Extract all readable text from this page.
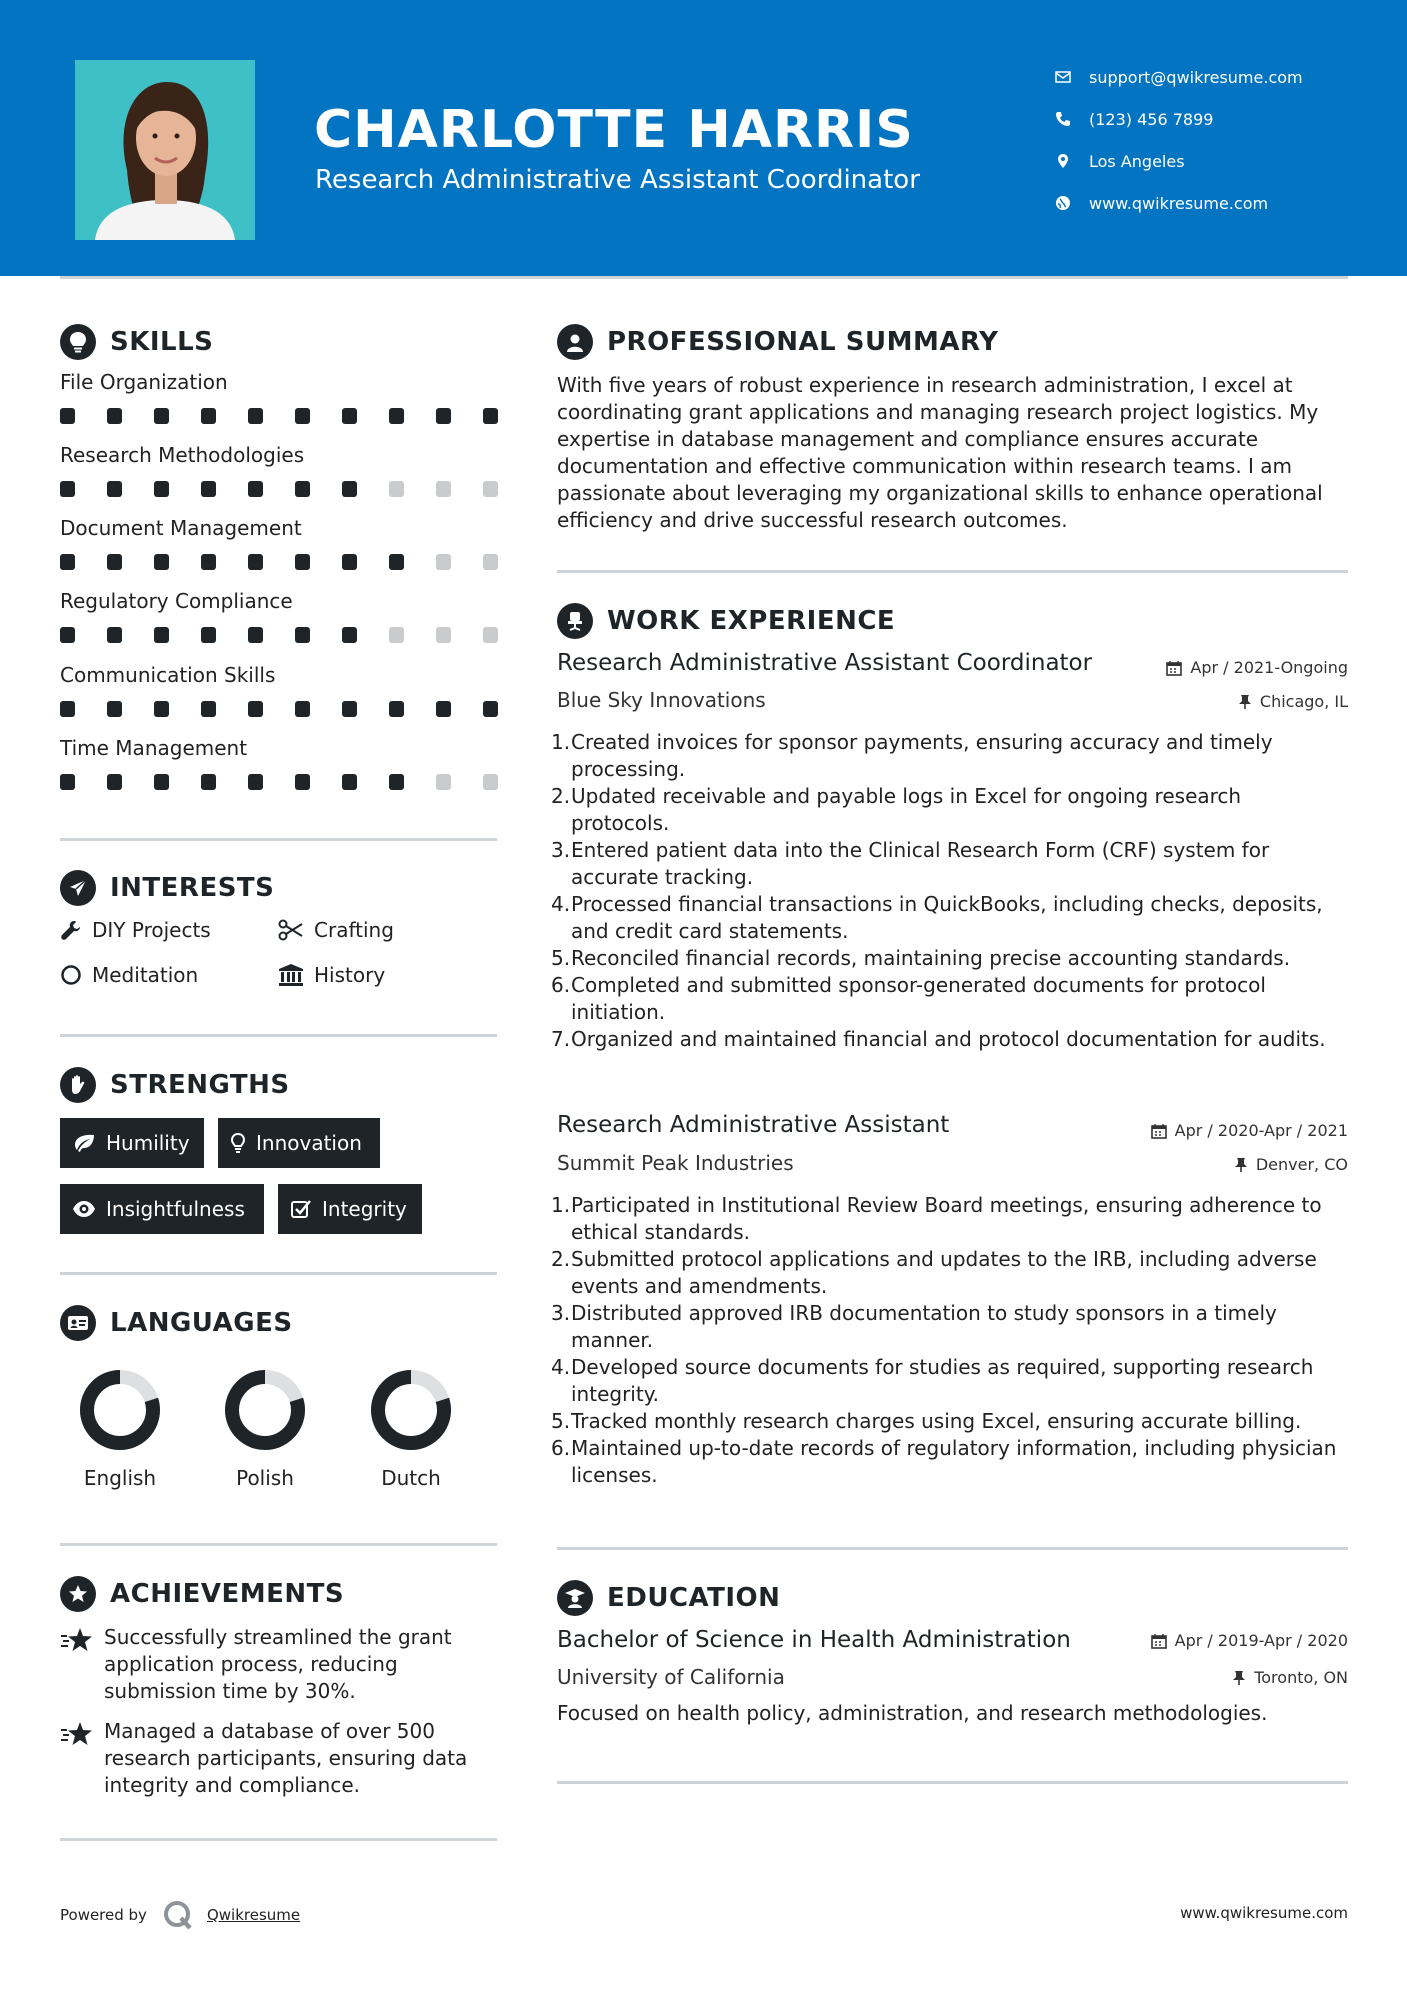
CHARLOTTE HARRIS
Research Administrative Assistant Coordinator
support@qwikresume.com
(123) 456 7899
Los Angeles
www.qwikresume.com
SKILLS
File Organization
Research Methodologies
Document Management
Regulatory Compliance
Communication Skills
Time Management
INTERESTS
DIY Projects	Crafting
Meditation	History
STRENGTHS
Humility	Innovation
Insightfulness	Integrity
LANGUAGES
English	Polish	Dutch
ACHIEVEMENTS
Successfully streamlined the grant application process, reducing submission time by 30%.
Managed a database of over 500 research participants, ensuring data integrity and compliance.
PROFESSIONAL SUMMARY
With five years of robust experience in research administration, I excel at coordinating grant applications and managing research project logistics. My expertise in database management and compliance ensures accurate documentation and effective communication within research teams. I am passionate about leveraging my organizational skills to enhance operational efficiency and drive successful research outcomes.
WORK EXPERIENCE
Research Administrative Assistant Coordinator	Apr / 2021-Ongoing
Blue Sky Innovations	Chicago, IL
1. Created invoices for sponsor payments, ensuring accuracy and timely processing.
2. Updated receivable and payable logs in Excel for ongoing research protocols.
3. Entered patient data into the Clinical Research Form (CRF) system for accurate tracking.
4. Processed financial transactions in QuickBooks, including checks, deposits, and credit card statements.
5. Reconciled financial records, maintaining precise accounting standards.
6. Completed and submitted sponsor-generated documents for protocol initiation.
7. Organized and maintained financial and protocol documentation for audits.
Research Administrative Assistant	Apr / 2020-Apr / 2021
Summit Peak Industries	Denver, CO
1. Participated in Institutional Review Board meetings, ensuring adherence to ethical standards.
2. Submitted protocol applications and updates to the IRB, including adverse events and amendments.
3. Distributed approved IRB documentation to study sponsors in a timely manner.
4. Developed source documents for studies as required, supporting research integrity.
5. Tracked monthly research charges using Excel, ensuring accurate billing.
6. Maintained up-to-date records of regulatory information, including physician licenses.
EDUCATION
Bachelor of Science in Health Administration	Apr / 2019-Apr / 2020
University of California	Toronto, ON
Focused on health policy, administration, and research methodologies.
Powered by	Qwikresume	www.qwikresume.com
